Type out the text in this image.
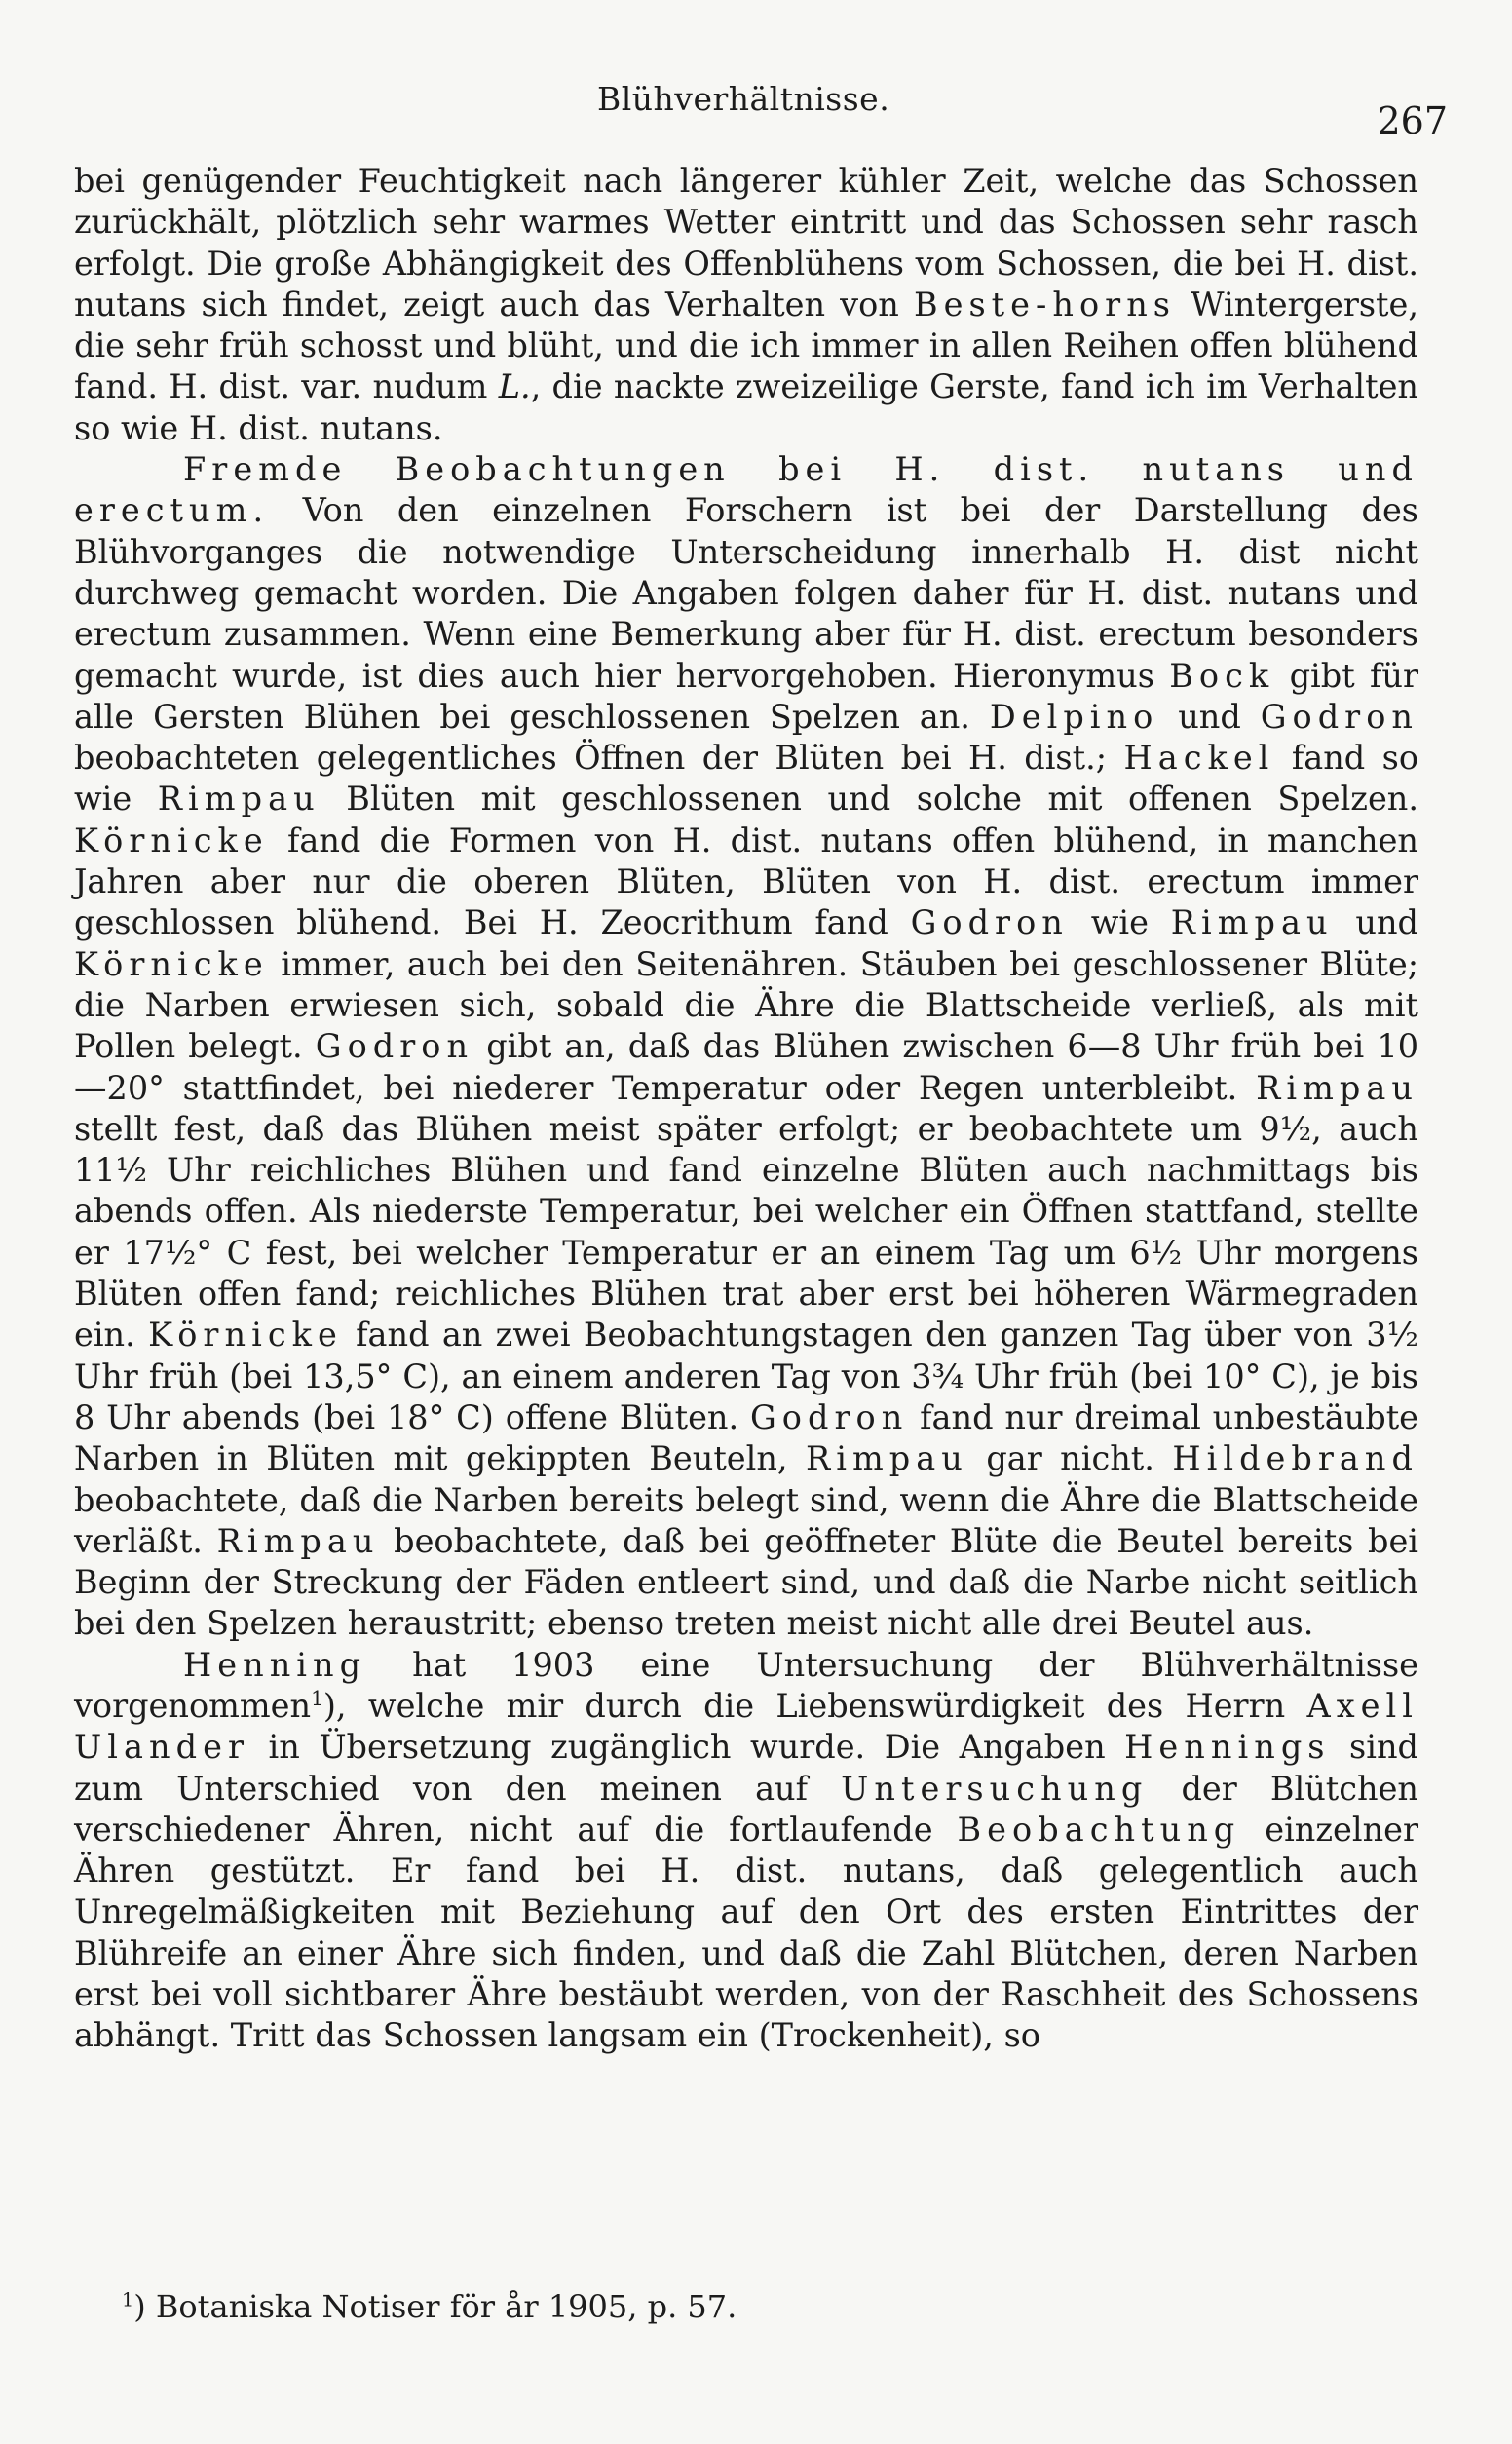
Blühverhältnisse.
267

bei genügender Feuchtigkeit nach längerer kühler Zeit, welche das Schossen zurückhält, plötzlich sehr warmes Wetter eintritt und das Schossen sehr rasch erfolgt. Die große Abhängigkeit des Offenblühens vom Schossen, die bei H. dist. nutans sich findet, zeigt auch das Verhalten von Beste-horns Wintergerste, die sehr früh schosst und blüht, und die ich immer in allen Reihen offen blühend fand. H. dist. var. nudum L., die nackte zweizeilige Gerste, fand ich im Verhalten so wie H. dist. nutans.

Fremde Beobachtungen bei H. dist. nutans und erectum. Von den einzelnen Forschern ist bei der Darstellung des Blühvorganges die notwendige Unterscheidung innerhalb H. dist nicht durchweg gemacht worden. Die Angaben folgen daher für H. dist. nutans und erectum zusammen. Wenn eine Bemerkung aber für H. dist. erectum besonders gemacht wurde, ist dies auch hier hervorgehoben. Hieronymus Bock gibt für alle Gersten Blühen bei geschlossenen Spelzen an. Delpino und Godron beobachteten gelegentliches Öffnen der Blüten bei H. dist.; Hackel fand so wie Rimpau Blüten mit geschlossenen und solche mit offenen Spelzen. Körnicke fand die Formen von H. dist. nutans offen blühend, in manchen Jahren aber nur die oberen Blüten, Blüten von H. dist. erectum immer geschlossen blühend. Bei H. Zeocrithum fand Godron wie Rimpau und Körnicke immer, auch bei den Seitenähren. Stäuben bei geschlossener Blüte; die Narben erwiesen sich, sobald die Ähre die Blattscheide verließ, als mit Pollen belegt. Godron gibt an, daß das Blühen zwischen 6—8 Uhr früh bei 10—20° stattfindet, bei niederer Temperatur oder Regen unterbleibt. Rimpau stellt fest, daß das Blühen meist später erfolgt; er beobachtete um 9½, auch 11½ Uhr reichliches Blühen und fand einzelne Blüten auch nachmittags bis abends offen. Als niederste Temperatur, bei welcher ein Öffnen stattfand, stellte er 17½° C fest, bei welcher Temperatur er an einem Tag um 6½ Uhr morgens Blüten offen fand; reichliches Blühen trat aber erst bei höheren Wärmegraden ein. Körnicke fand an zwei Beobachtungstagen den ganzen Tag über von 3½ Uhr früh (bei 13,5° C), an einem anderen Tag von 3¾ Uhr früh (bei 10° C), je bis 8 Uhr abends (bei 18° C) offene Blüten. Godron fand nur dreimal unbestäubte Narben in Blüten mit gekippten Beuteln, Rimpau gar nicht. Hildebrand beobachtete, daß die Narben bereits belegt sind, wenn die Ähre die Blattscheide verläßt. Rimpau beobachtete, daß bei geöffneter Blüte die Beutel bereits bei Beginn der Streckung der Fäden entleert sind, und daß die Narbe nicht seitlich bei den Spelzen heraustritt; ebenso treten meist nicht alle drei Beutel aus.

Henning hat 1903 eine Untersuchung der Blühverhältnisse vorgenommen$^1$), welche mir durch die Liebenswürdigkeit des Herrn Axell Ulander in Übersetzung zugänglich wurde. Die Angaben Hennings sind zum Unterschied von den meinen auf Untersuchung der Blütchen verschiedener Ähren, nicht auf die fortlaufende Beobachtung einzelner Ähren gestützt. Er fand bei H. dist. nutans, daß gelegentlich auch Unregelmäßigkeiten mit Beziehung auf den Ort des ersten Eintrittes der Blühreife an einer Ähre sich finden, und daß die Zahl Blütchen, deren Narben erst bei voll sichtbarer Ähre bestäubt werden, von der Raschheit des Schossens abhängt. Tritt das Schossen langsam ein (Trockenheit), so

$^1$) Botaniska Notiser för år 1905, p. 57.
